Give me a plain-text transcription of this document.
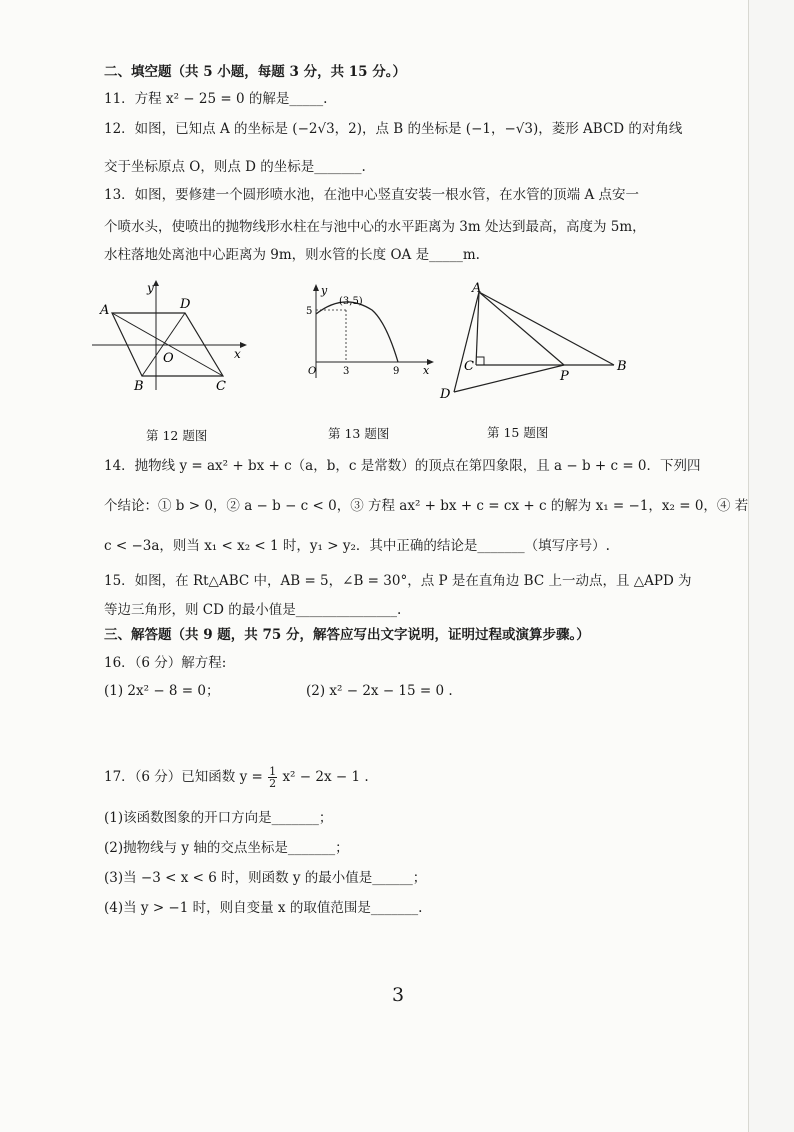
二、填空题（共 5 小题，每题 3 分，共 15 分。）
11．方程 x² − 25 = 0 的解是_____.
12．如图，已知点 A 的坐标是 (−2√3，2)，点 B 的坐标是 (−1，−√3)，菱形 ABCD 的对角线
交于坐标原点 O，则点 D 的坐标是_______.
13．如图，要修建一个圆形喷水池，在池中心竖直安装一根水管，在水管的顶端 A 点安一
个喷水头，使喷出的抛物线形水柱在与池中心的水平距离为 3m 处达到最高，高度为 5m，
水柱落地处离池中心距离为 9m，则水管的长度 OA 是_____m.
A	D
B	C
O	x
y
第 12 题图
(3,5)
5
3	9
O	x
y
第 13 题图
A
B
C
P
D
第 15 题图
14．抛物线 y = ax² + bx + c（a，b，c 是常数）的顶点在第四象限，且 a − b + c = 0．下列四
个结论：① b > 0，② a − b − c < 0，③ 方程 ax² + bx + c = cx + c 的解为 x₁ = −1，x₂ = 0，④ 若
c < −3a，则当 x₁ < x₂ < 1 时，y₁ > y₂．其中正确的结论是_______（填写序号）.
15．如图，在 Rt△ABC 中，AB = 5，∠B = 30°，点 P 是在直角边 BC 上一动点，且 △APD 为
等边三角形，则 CD 的最小值是_______________.
三、解答题（共 9 题，共 75 分，解答应写出文字说明，证明过程或演算步骤。）
16．（6 分）解方程:
(1) 2x² − 8 = 0；	(2) x² − 2x − 15 = 0 .
17．（6 分）已知函数 $y = \frac{1}{2} x^2 - 2x - 1$ .
(1)该函数图象的开口方向是_______；
(2)抛物线与 y 轴的交点坐标是_______；
(3)当 −3 < x < 6 时，则函数 y 的最小值是______；
(4)当 y > −1 时，则自变量 x 的取值范围是_______.
3
